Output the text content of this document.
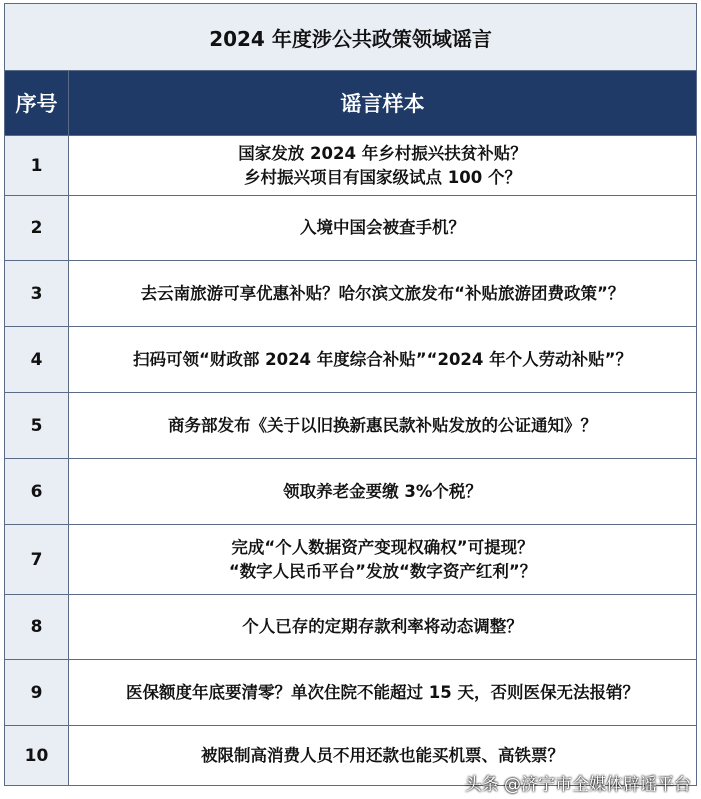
2024 年度涉公共政策领域谣言	
序号	谣言样本
1	国家发放 2024 年乡村振兴扶贫补贴？
乡村振兴项目有国家级试点 100 个？

2	入境中国会被查手机？

3	去云南旅游可享优惠补贴？哈尔滨文旅发布“补贴旅游团费政策”？

4	扫码可领“财政部 2024 年度综合补贴”“2024 年个人劳动补贴”？

5	商务部发布《关于以旧换新惠民款补贴发放的公证通知》？

6	领取养老金要缴 3%个税？

7	完成“个人数据资产变现权确权”可提现？
“数字人民币平台”发放“数字资产红利”？

8	个人已存的定期存款利率将动态调整？

9	医保额度年底要清零？单次住院不能超过 15 天，否则医保无法报销？

10	被限制高消费人员不用还款也能买机票、高铁票？
头条 @济宁市全媒体辟谣平台
